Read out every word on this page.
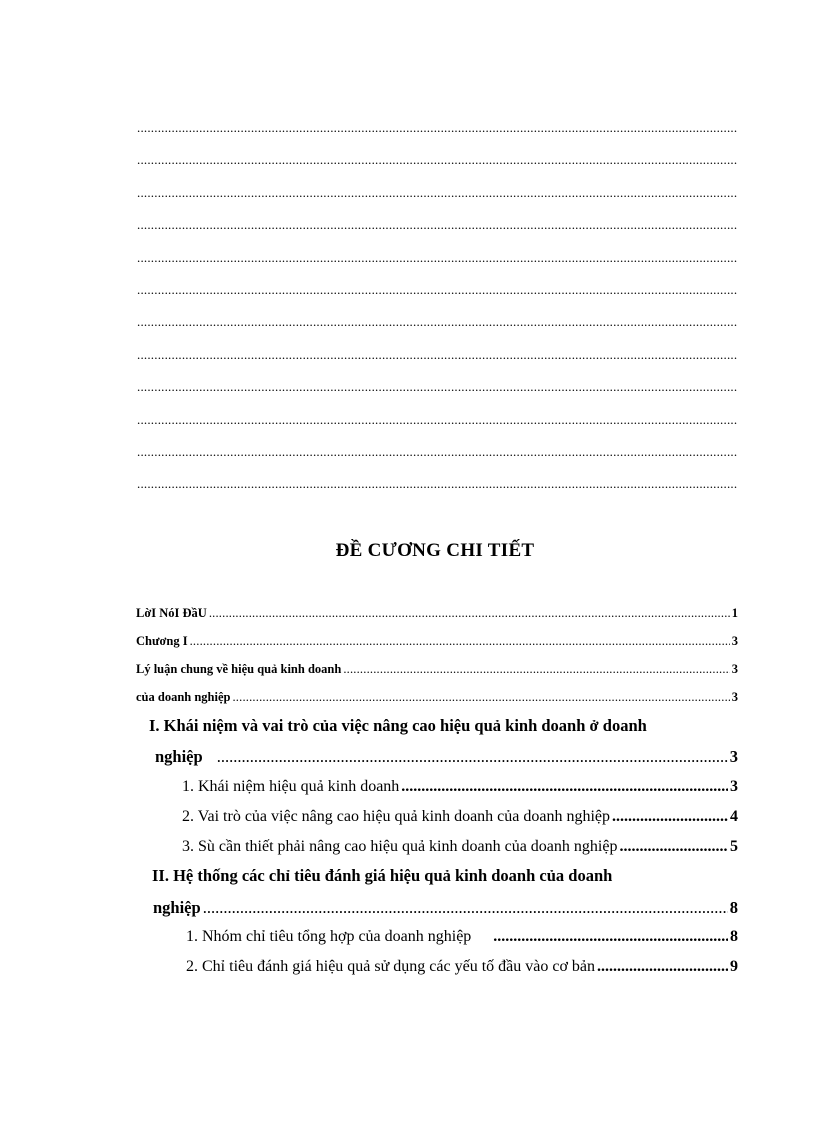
.....
.....
.....
.....
.....
.....
.....
.....
.....
.....
.....
.....
ĐỀ CƯƠNG CHI TIẾT
LờI NóI ĐầU .....	1
Chương I .....	3
Lý luận chung về hiệu quả kinh doanh .....	3
của doanh nghiệp .....	3
I. Khái niệm và vai trò của việc nâng cao hiệu quả kinh doanh ở doanh
nghiệp .....	3
1. Khái niệm hiệu quả kinh doanh .....	3
2. Vai trò của việc nâng cao hiệu quả kinh doanh của doanh nghiệp .....	4
3. Sù cần thiết phải nâng cao hiệu quả kinh doanh của doanh nghiệp .....	5
II. Hệ thống các chỉ tiêu đánh giá hiệu quả kinh doanh của doanh
nghiệp .....	8
1. Nhóm chỉ tiêu tổng hợp của doanh nghiệp .....	8
2. Chỉ tiêu đánh giá hiệu quả sử dụng các yếu tố đầu vào cơ bản .....	9
